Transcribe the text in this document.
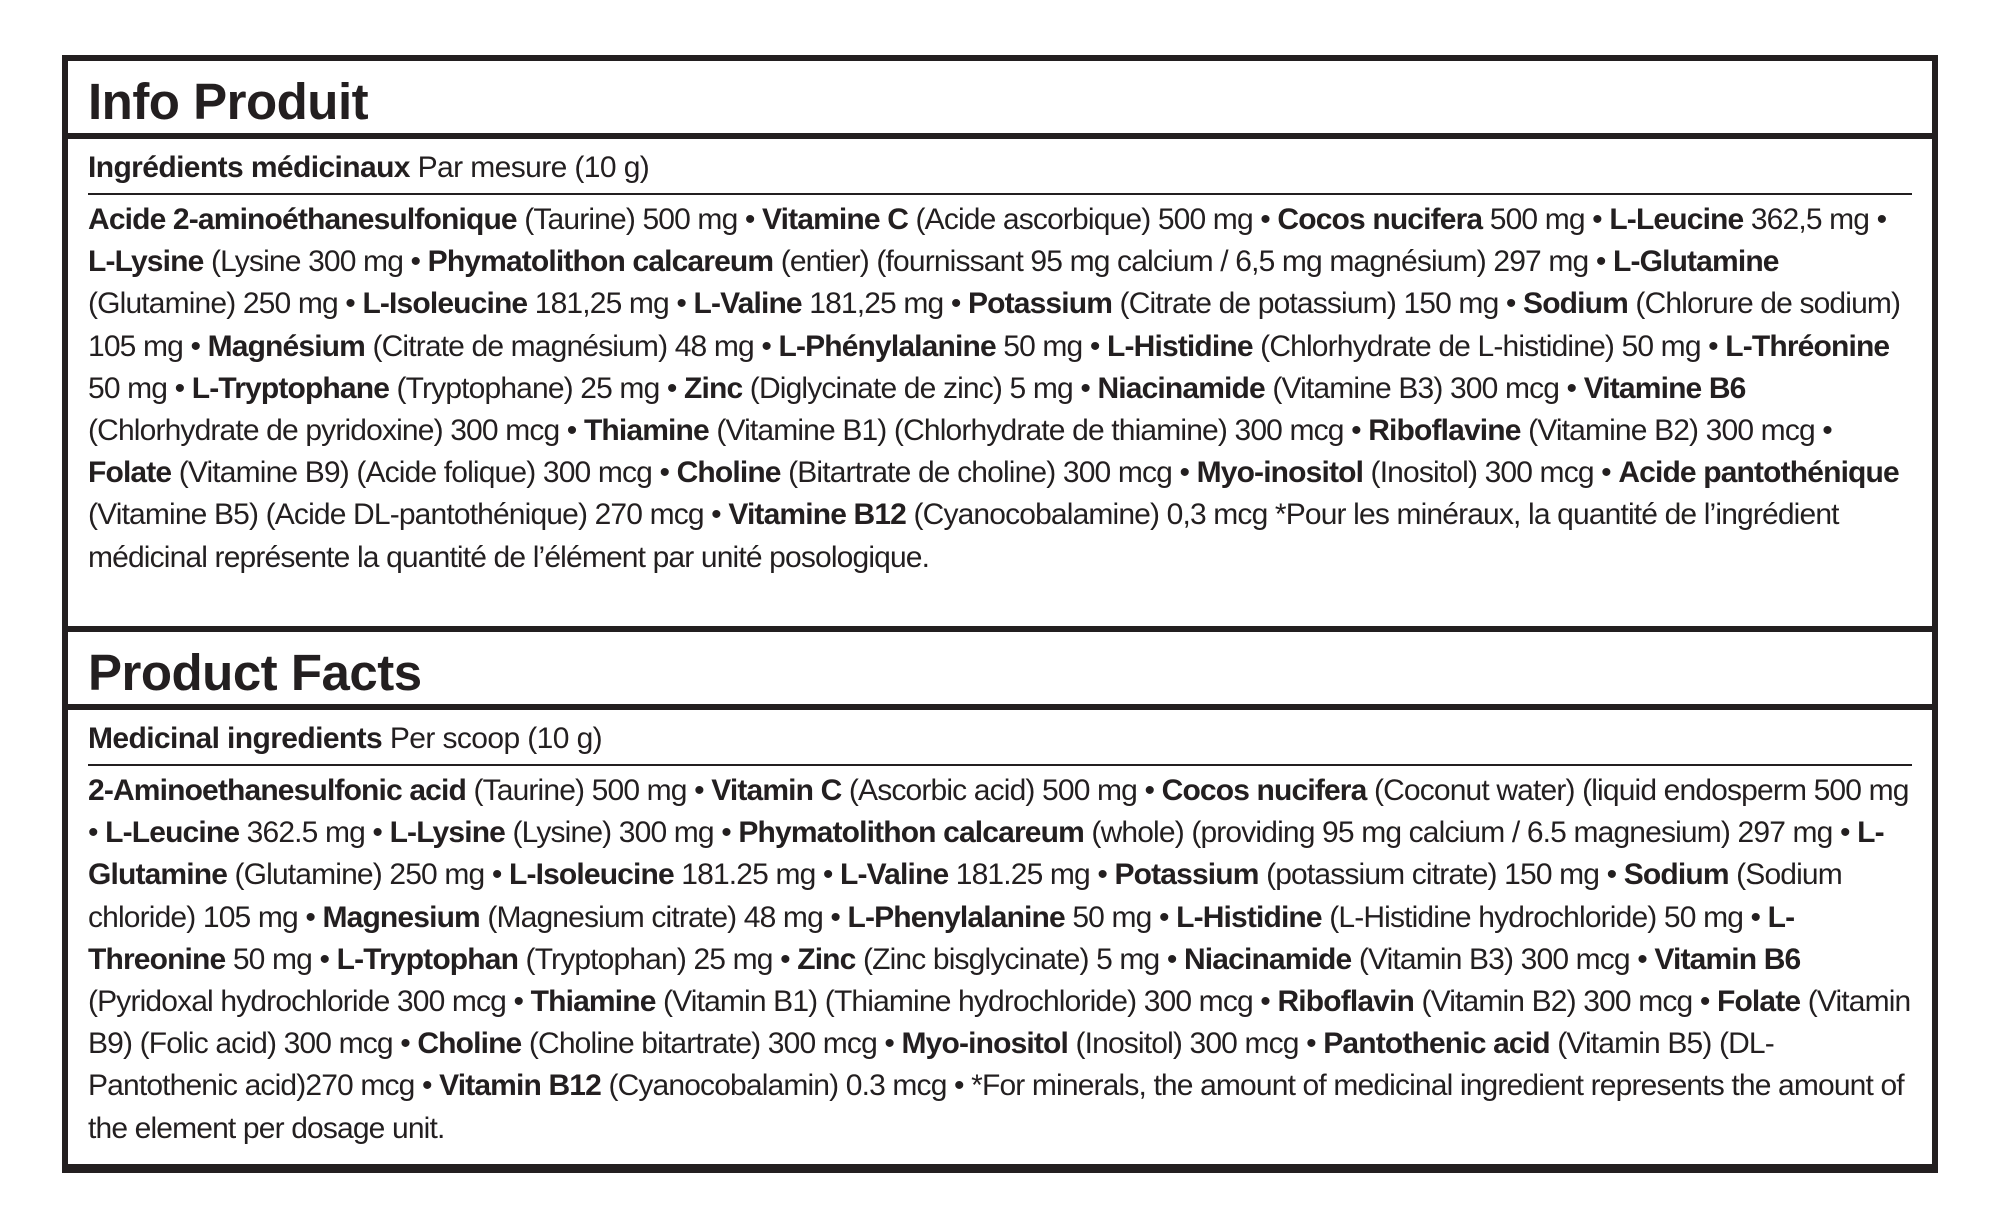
Info Produit
Ingrédients médicinaux Par mesure (10 g)

Acide 2-aminoéthanesulfonique (Taurine) 500 mg • Vitamine C (Acide ascorbique) 500 mg • Cocos nucifera 500 mg • L-Leucine 362,5 mg • L-Lysine (Lysine 300 mg • Phymatolithon calcareum (entier) (fournissant 95 mg calcium / 6,5 mg magnésium) 297 mg • L-Glutamine (Glutamine) 250 mg • L-Isoleucine 181,25 mg • L-Valine 181,25 mg • Potassium (Citrate de potassium) 150 mg • Sodium (Chlorure de sodium) 105 mg • Magnésium (Citrate de magnésium) 48 mg • L-Phénylalanine 50 mg • L-Histidine (Chlorhydrate de L-histidine) 50 mg • L-Thréonine 50 mg • L-Tryptophane (Tryptophane) 25 mg • Zinc (Diglycinate de zinc) 5 mg • Niacinamide (Vitamine B3) 300 mcg • Vitamine B6 (Chlorhydrate de pyridoxine) 300 mcg • Thiamine (Vitamine B1) (Chlorhydrate de thiamine) 300 mcg • Riboflavine (Vitamine B2) 300 mcg • Folate (Vitamine B9) (Acide folique) 300 mcg • Choline (Bitartrate de choline) 300 mcg • Myo-inositol (Inositol) 300 mcg • Acide pantothénique (Vitamine B5) (Acide DL-pantothénique) 270 mcg • Vitamine B12 (Cyanocobalamine) 0,3 mcg *Pour les minéraux, la quantité de l’ingrédient médicinal représente la quantité de l’élément par unité posologique.

Product Facts
Medicinal ingredients Per scoop (10 g)

2-Aminoethanesulfonic acid (Taurine) 500 mg • Vitamin C (Ascorbic acid) 500 mg • Cocos nucifera (Coconut water) (liquid endosperm 500 mg • L-Leucine 362.5 mg • L-Lysine (Lysine) 300 mg • Phymatolithon calcareum (whole) (providing 95 mg calcium / 6.5 magnesium) 297 mg • L-Glutamine (Glutamine) 250 mg • L-Isoleucine 181.25 mg • L-Valine 181.25 mg • Potassium (potassium citrate) 150 mg • Sodium (Sodium chloride) 105 mg • Magnesium (Magnesium citrate) 48 mg • L-Phenylalanine 50 mg • L-Histidine (L-Histidine hydrochloride) 50 mg • L-Threonine 50 mg • L-Tryptophan (Tryptophan) 25 mg • Zinc (Zinc bisglycinate) 5 mg • Niacinamide (Vitamin B3) 300 mcg • Vitamin B6 (Pyridoxal hydrochloride 300 mcg • Thiamine (Vitamin B1) (Thiamine hydrochloride) 300 mcg • Riboflavin (Vitamin B2) 300 mcg • Folate (Vitamin B9) (Folic acid) 300 mcg • Choline (Choline bitartrate) 300 mcg • Myo-inositol (Inositol) 300 mcg • Pantothenic acid (Vitamin B5) (DL-Pantothenic acid)270 mcg • Vitamin B12 (Cyanocobalamin) 0.3 mcg • *For minerals, the amount of medicinal ingredient represents the amount of the element per dosage unit.
